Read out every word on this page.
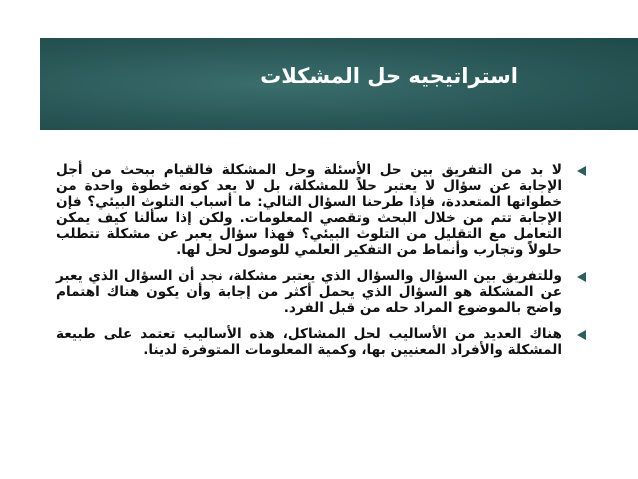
استراتيجيه حل المشكلات

لا بد من التفريق بين حل الأسئلة وحل المشكلة فالقيام ببحث من أجل الإجابة عن سؤال لا يعتبر حلاً للمشكلة، بل لا يعد كونه خطوة واحدة من خطواتها المتعددة، فإذا طرحنا السؤال التالي: ما أسباب التلوث البيئي؟ فإن الإجابة تتم من خلال البحث وتقصي المعلومات. ولكن إذا سألنا كيف يمكن التعامل مع التقليل من التلوث البيئي؟ فهذا سؤال يعبر عن مشكلة تتطلب حلولاً وتجارب وأنماط من التفكير العلمي للوصول لحل لها.

وللتفريق بين السؤال والسؤال الذي يعتبر مشكلة، نجد أن السؤال الذي يعبر عن المشكلة هو السؤال الذي يحمل أكثر من إجابة وأن يكون هناك اهتمام واضح بالموضوع المراد حله من قبل الفرد.

هناك العديد من الأساليب لحل المشاكل، هذه الأساليب تعتمد على طبيعة المشكلة والأفراد المعنيين بها، وكمية المعلومات المتوفرة لدينا.
